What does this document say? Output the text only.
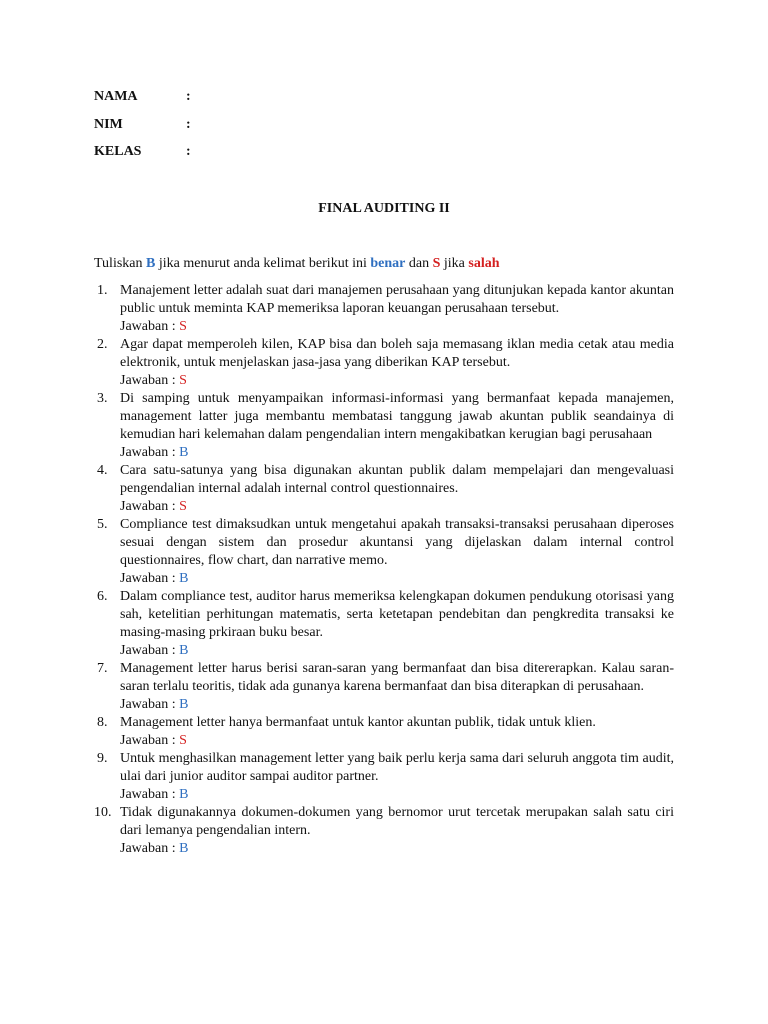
NAMA	:
NIM	:
KELAS	:
FINAL AUDITING II
Tuliskan B jika menurut anda kelimat berikut ini benar dan S jika salah
1. Manajement letter adalah suat dari manajemen perusahaan yang ditunjukan kepada kantor akuntan public untuk meminta KAP memeriksa laporan keuangan perusahaan tersebut.
Jawaban : S
2. Agar dapat memperoleh kilen, KAP bisa dan boleh saja memasang iklan media cetak atau media elektronik, untuk menjelaskan jasa-jasa yang diberikan KAP tersebut.
Jawaban : S
3. Di samping untuk menyampaikan informasi-informasi yang bermanfaat kepada manajemen, management latter juga membantu membatasi tanggung jawab akuntan publik seandainya di kemudian hari kelemahan dalam pengendalian intern mengakibatkan kerugian bagi perusahaan
Jawaban : B
4. Cara satu-satunya yang bisa digunakan akuntan publik dalam mempelajari dan mengevaluasi pengendalian internal adalah internal control questionnaires.
Jawaban : S
5. Compliance test dimaksudkan untuk mengetahui apakah transaksi-transaksi perusahaan diperoses sesuai dengan sistem dan prosedur akuntansi yang dijelaskan dalam internal control questionnaires, flow chart, dan narrative memo.
Jawaban : B
6. Dalam compliance test, auditor harus memeriksa kelengkapan dokumen pendukung otorisasi yang sah, ketelitian perhitungan matematis, serta ketetapan pendebitan dan pengkredita transaksi ke masing-masing prkiraan buku besar.
Jawaban : B
7. Management letter harus berisi saran-saran yang bermanfaat dan bisa ditererapkan. Kalau saran-saran terlalu teoritis, tidak ada gunanya karena bermanfaat dan bisa diterapkan di perusahaan.
Jawaban : B
8. Management letter hanya bermanfaat untuk kantor akuntan publik, tidak untuk klien.
Jawaban : S
9. Untuk menghasilkan management letter yang baik perlu kerja sama dari seluruh anggota tim audit, ulai dari junior auditor sampai auditor partner.
Jawaban : B
10. Tidak digunakannya dokumen-dokumen yang bernomor urut tercetak merupakan salah satu ciri dari lemanya pengendalian intern.
Jawaban : B
